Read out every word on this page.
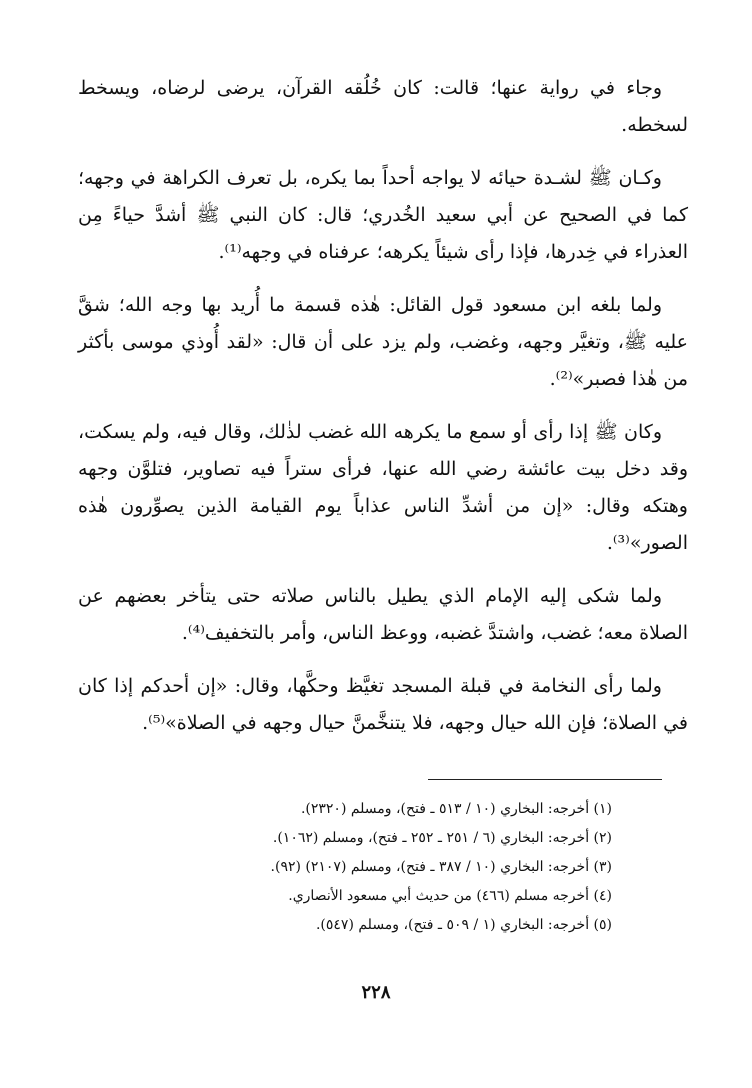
وجاء في رواية عنها؛ قالت: كان خُلُقه القرآن، يرضى لرضاه، ويسخط لسخطه.

وكـان ﷺ لشـدة حيائه لا يواجه أحداً بما يكره، بل تعرف الكراهة في وجهه؛ كما في الصحيح عن أبي سعيد الخُدري؛ قال: كان النبي ﷺ أشدَّ حياءً مِن العذراء في خِدرها، فإذا رأى شيئاً يكرهه؛ عرفناه في وجهه⁽¹⁾.

ولما بلغه ابن مسعود قول القائل: هٰذه قسمة ما أُريد بها وجه الله؛ شقَّ عليه ﷺ، وتغيَّر وجهه، وغضب، ولم يزد على أن قال: «لقد أُوذي موسى بأكثر من هٰذا فصبر»⁽²⁾.

وكان ﷺ إذا رأى أو سمع ما يكرهه الله غضب لذٰلك، وقال فيه، ولم يسكت، وقد دخل بيت عائشة رضي الله عنها، فرأى ستراً فيه تصاوير، فتلوَّن وجهه وهتكه وقال: «إن من أشدِّ الناس عذاباً يوم القيامة الذين يصوِّرون هٰذه الصور»⁽³⁾.

ولما شكى إليه الإمام الذي يطيل بالناس صلاته حتى يتأخر بعضهم عن الصلاة معه؛ غضب، واشتدَّ غضبه، ووعظ الناس، وأمر بالتخفيف⁽⁴⁾.

ولما رأى النخامة في قبلة المسجد تغيَّظ وحكَّها، وقال: «إن أحدكم إذا كان في الصلاة؛ فإن الله حيال وجهه، فلا يتنخَّمنَّ حيال وجهه في الصلاة»⁽⁵⁾.

(١) أخرجه: البخاري (١٠ / ٥١٣ ـ فتح)، ومسلم (٢٣٢٠).
(٢) أخرجه: البخاري (٦ / ٢٥١ ـ ٢٥٢ ـ فتح)، ومسلم (١٠٦٢).
(٣) أخرجه: البخاري (١٠ / ٣٨٧ ـ فتح)، ومسلم (٢١٠٧) (٩٢).
(٤) أخرجه مسلم (٤٦٦) من حديث أبي مسعود الأنصاري.
(٥) أخرجه: البخاري (١ / ٥٠٩ ـ فتح)، ومسلم (٥٤٧).
٢٢٨
